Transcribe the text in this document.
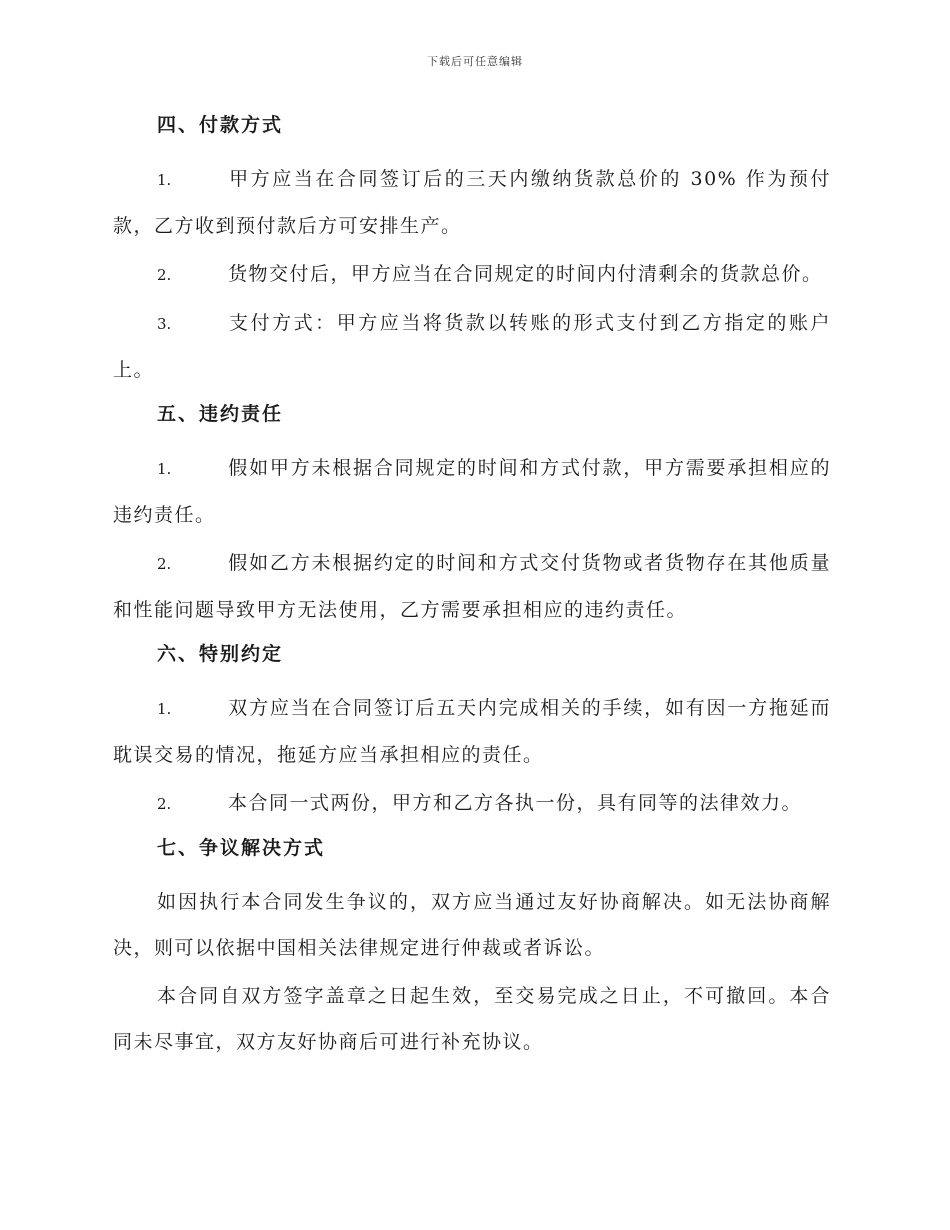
下载后可任意编辑
四、付款方式

1.	甲方应当在合同签订后的三天内缴纳货款总价的 30% 作为预付款，乙方收到预付款后方可安排生产。

2.	货物交付后，甲方应当在合同规定的时间内付清剩余的货款总价。

3.	支付方式：甲方应当将货款以转账的形式支付到乙方指定的账户上。

五、违约责任

1.	假如甲方未根据合同规定的时间和方式付款，甲方需要承担相应的违约责任。

2.	假如乙方未根据约定的时间和方式交付货物或者货物存在其他质量和性能问题导致甲方无法使用，乙方需要承担相应的违约责任。

六、特别约定

1.	双方应当在合同签订后五天内完成相关的手续，如有因一方拖延而耽误交易的情况，拖延方应当承担相应的责任。

2.	本合同一式两份，甲方和乙方各执一份，具有同等的法律效力。

七、争议解决方式

如因执行本合同发生争议的，双方应当通过友好协商解决。如无法协商解决，则可以依据中国相关法律规定进行仲裁或者诉讼。

本合同自双方签字盖章之日起生效，至交易完成之日止，不可撤回。本合同未尽事宜，双方友好协商后可进行补充协议。
